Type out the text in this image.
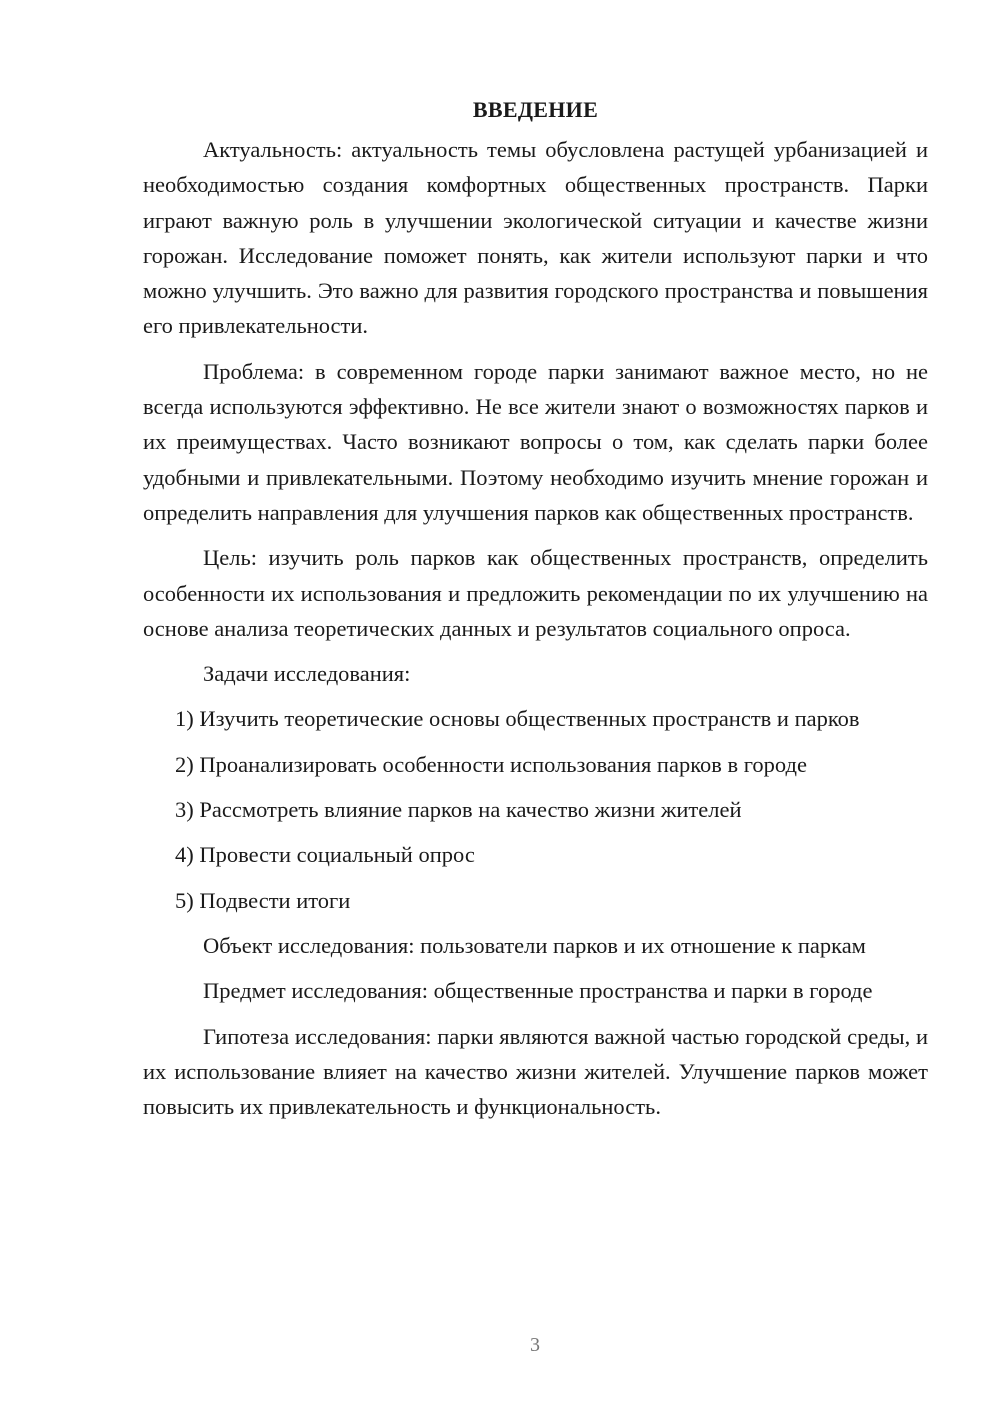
ВВЕДЕНИЕ

Актуальность: актуальность темы обусловлена растущей урбанизацией и необходимостью создания комфортных общественных пространств. Парки играют важную роль в улучшении экологической ситуации и качестве жизни горожан. Исследование поможет понять, как жители используют парки и что можно улучшить. Это важно для развития городского пространства и повышения его привлекательности.

Проблема: в современном городе парки занимают важное место, но не всегда используются эффективно. Не все жители знают о возможностях парков и их преимуществах. Часто возникают вопросы о том, как сделать парки более удобными и привлекательными. Поэтому необходимо изучить мнение горожан и определить направления для улучшения парков как общественных пространств.

Цель: изучить роль парков как общественных пространств, определить особенности их использования и предложить рекомендации по их улучшению на основе анализа теоретических данных и результатов социального опроса.

Задачи исследования:

1) Изучить теоретические основы общественных пространств и парков
2) Проанализировать особенности использования парков в городе
3) Рассмотреть влияние парков на качество жизни жителей
4) Провести социальный опрос
5) Подвести итоги

Объект исследования: пользователи парков и их отношение к паркам

Предмет исследования: общественные пространства и парки в городе

Гипотеза исследования: парки являются важной частью городской среды, и их использование влияет на качество жизни жителей. Улучшение парков может повысить их привлекательность и функциональность.

3
